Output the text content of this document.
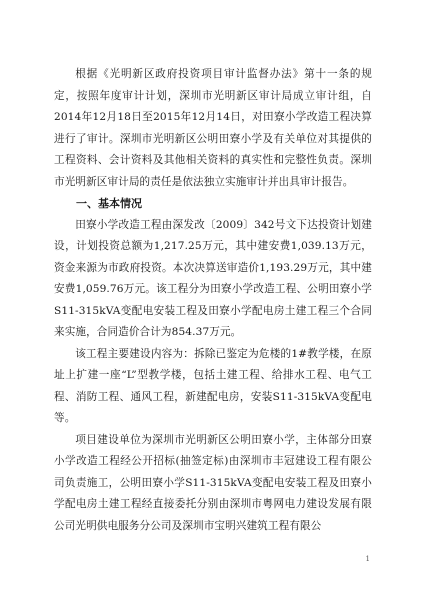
根据《光明新区政府投资项目审计监督办法》第十一条的规定，按照年度审计计划，深圳市光明新区审计局成立审计组，自2014年12月18日至2015年12月14日，对田寮小学改造工程决算进行了审计。深圳市光明新区公明田寮小学及有关单位对其提供的工程资料、会计资料及其他相关资料的真实性和完整性负责。深圳市光明新区审计局的责任是依法独立实施审计并出具审计报告。

一、基本情况

田寮小学改造工程由深发改〔2009〕342号文下达投资计划建设，计划投资总额为1,217.25万元，其中建安费1,039.13万元，资金来源为市政府投资。本次决算送审造价1,193.29万元，其中建安费1,059.76万元。该工程分为田寮小学改造工程、公明田寮小学S11-315kVA变配电安装工程及田寮小学配电房土建工程三个合同来实施，合同造价合计为854.37万元。

该工程主要建设内容为：拆除已鉴定为危楼的1#教学楼，在原址上扩建一座“L”型教学楼，包括土建工程、给排水工程、电气工程、消防工程、通风工程，新建配电房，安装S11-315kVA变配电等。

项目建设单位为深圳市光明新区公明田寮小学，主体部分田寮小学改造工程经公开招标(抽签定标)由深圳市丰冠建设工程有限公司负责施工，公明田寮小学S11-315kVA变配电安装工程及田寮小学配电房土建工程经直接委托分别由深圳市粤网电力建设发展有限公司光明供电服务分公司及深圳市宝明兴建筑工程有限公

1
